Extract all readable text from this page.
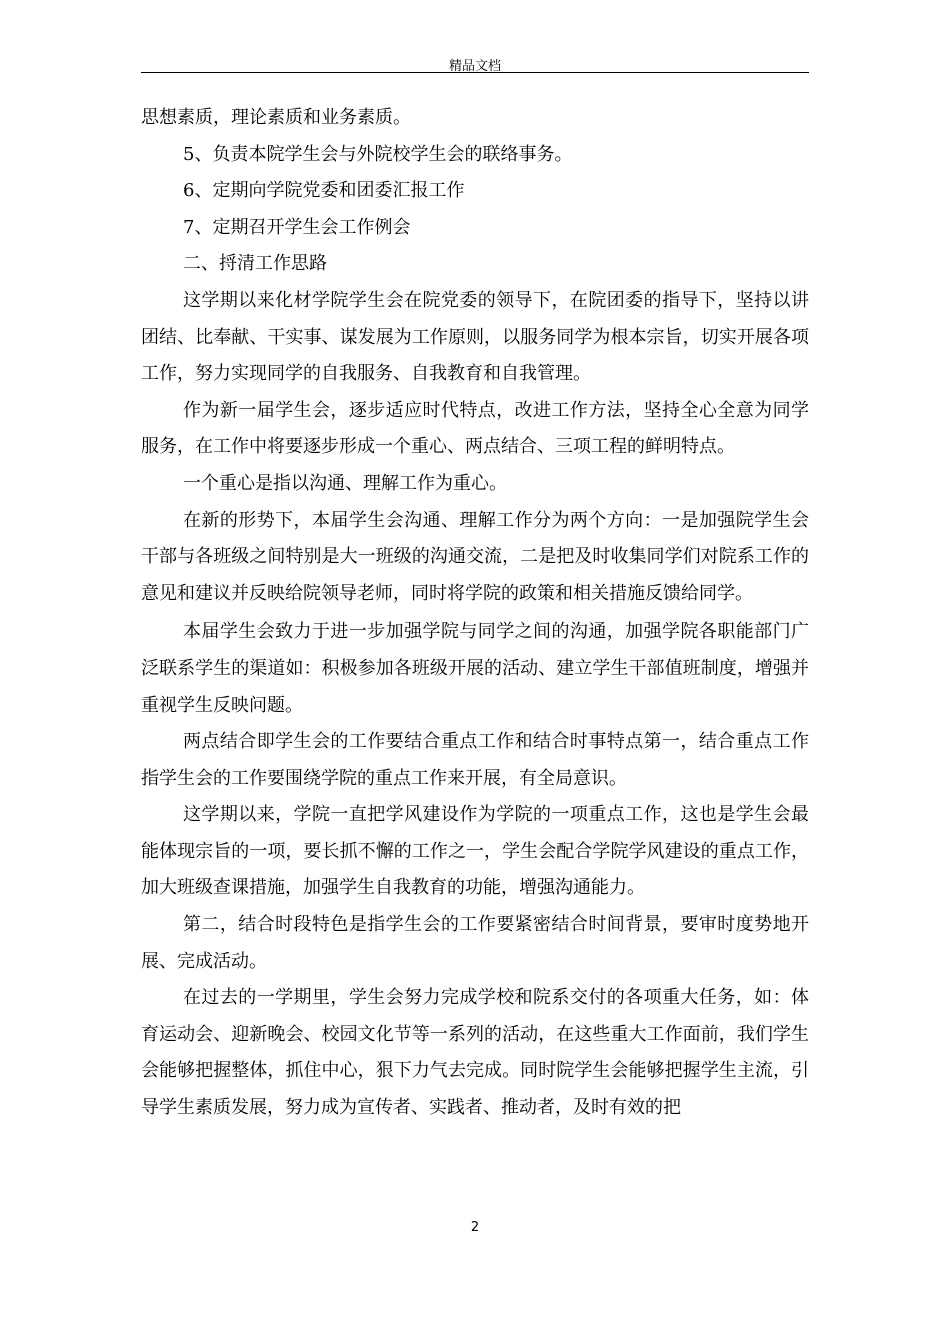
精品文档

思想素质，理论素质和业务素质。

5、负责本院学生会与外院校学生会的联络事务。

6、定期向学院党委和团委汇报工作

7、定期召开学生会工作例会

二、捋清工作思路

这学期以来化材学院学生会在院党委的领导下，在院团委的指导下，坚持以讲团结、比奉献、干实事、谋发展为工作原则，以服务同学为根本宗旨，切实开展各项工作，努力实现同学的自我服务、自我教育和自我管理。

作为新一届学生会，逐步适应时代特点，改进工作方法，坚持全心全意为同学服务，在工作中将要逐步形成一个重心、两点结合、三项工程的鲜明特点。

一个重心是指以沟通、理解工作为重心。

在新的形势下，本届学生会沟通、理解工作分为两个方向：一是加强院学生会干部与各班级之间特别是大一班级的沟通交流，二是把及时收集同学们对院系工作的意见和建议并反映给院领导老师，同时将学院的政策和相关措施反馈给同学。

本届学生会致力于进一步加强学院与同学之间的沟通，加强学院各职能部门广泛联系学生的渠道如：积极参加各班级开展的活动、建立学生干部值班制度，增强并重视学生反映问题。

两点结合即学生会的工作要结合重点工作和结合时事特点第一，结合重点工作指学生会的工作要围绕学院的重点工作来开展，有全局意识。

这学期以来，学院一直把学风建设作为学院的一项重点工作，这也是学生会最能体现宗旨的一项，要长抓不懈的工作之一，学生会配合学院学风建设的重点工作，加大班级查课措施，加强学生自我教育的功能，增强沟通能力。

第二，结合时段特色是指学生会的工作要紧密结合时间背景，要审时度势地开展、完成活动。

在过去的一学期里，学生会努力完成学校和院系交付的各项重大任务，如：体育运动会、迎新晚会、校园文化节等一系列的活动，在这些重大工作面前，我们学生会能够把握整体，抓住中心，狠下力气去完成。同时院学生会能够把握学生主流，引导学生素质发展，努力成为宣传者、实践者、推动者，及时有效的把

2
